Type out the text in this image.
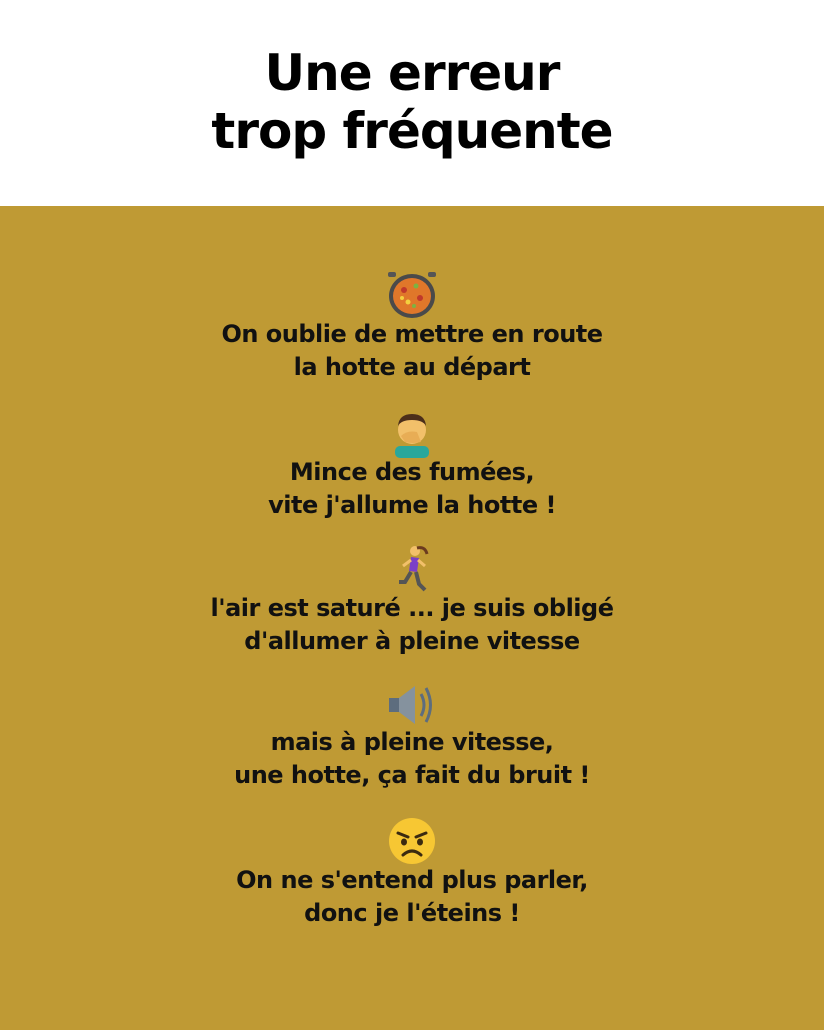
Une erreur
trop fréquente
On oublie de mettre en route
la hotte au départ
Mince des fumées,
vite j'allume la hotte !
l'air est saturé ... je suis obligé
d'allumer à pleine vitesse
mais à pleine vitesse,
une hotte, ça fait du bruit !
On ne s'entend plus parler,
donc je l'éteins !
